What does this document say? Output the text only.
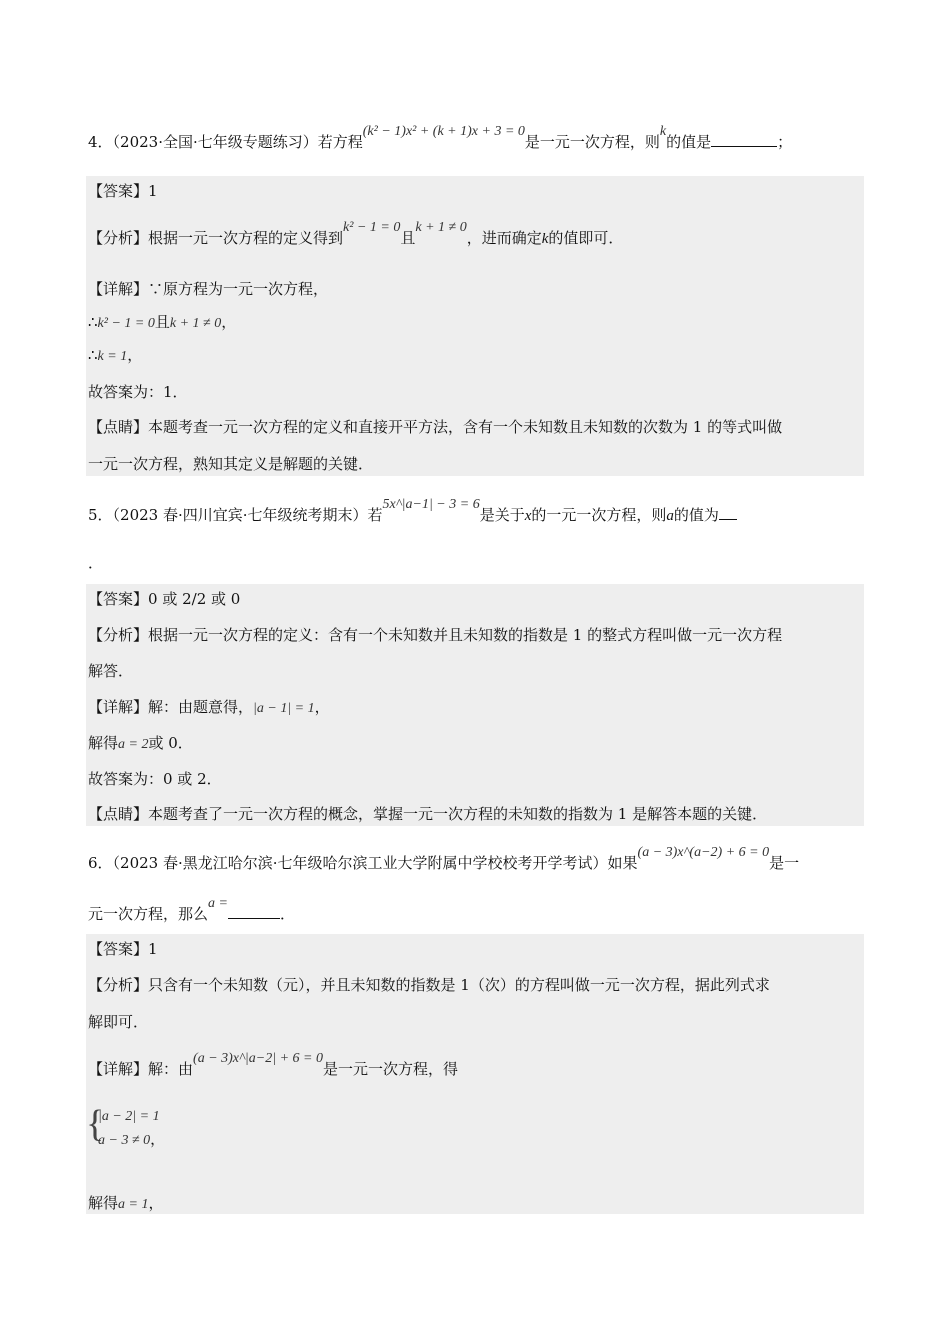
4．（2023·全国·七年级专题练习）若方程(k² − 1)x² + (k + 1)x + 3 = 0是一元一次方程，则k的值是	；
【答案】1
【分析】根据一元一次方程的定义得到k² − 1 = 0且k + 1 ≠ 0，进而确定k的值即可．
【详解】∵原方程为一元一次方程，
∴k² − 1 = 0且k + 1 ≠ 0，
∴k = 1，
故答案为：1．
【点睛】本题考查一元一次方程的定义和直接开平方法，含有一个未知数且未知数的次数为 1 的等式叫做
一元一次方程，熟知其定义是解题的关键．
5．（2023 春·四川宜宾·七年级统考期末）若5x^|a−1| − 3 = 6是关于x的一元一次方程，则a的值为
．
【答案】0 或 2/2 或 0
【分析】根据一元一次方程的定义：含有一个未知数并且未知数的指数是 1 的整式方程叫做一元一次方程
解答．
【详解】解：由题意得，|a − 1| = 1，
解得a = 2或 0．
故答案为：0 或 2．
【点睛】本题考查了一元一次方程的概念，掌握一元一次方程的未知数的指数为 1 是解答本题的关键．
6．（2023 春·黑龙江哈尔滨·七年级哈尔滨工业大学附属中学校校考开学考试）如果(a − 3)x^(a−2) + 6 = 0是一
元一次方程，那么a =．
【答案】1
【分析】只含有一个未知数（元），并且未知数的指数是 1（次）的方程叫做一元一次方程，据此列式求
解即可．
【详解】解：由(a − 3)x^|a−2| + 6 = 0是一元一次方程，得
{
|a − 2| = 1
a − 3 ≠ 0，
解得a = 1，
